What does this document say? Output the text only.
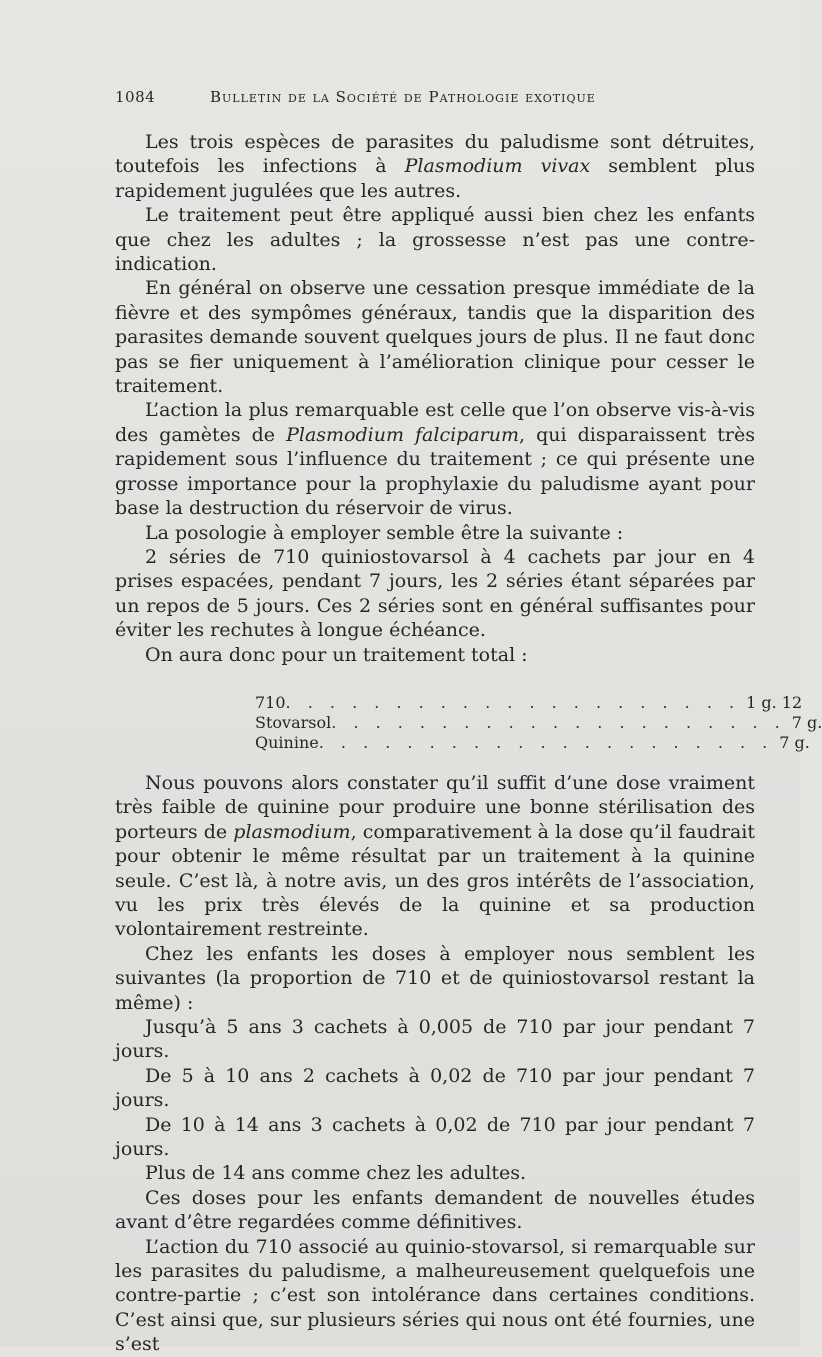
1084	Bulletin de la Société de Pathologie exotique

Les trois espèces de parasites du paludisme sont détruites, toutefois les infections à Plasmodium vivax semblent plus rapidement jugulées que les autres.

Le traitement peut être appliqué aussi bien chez les enfants que chez les adultes ; la grossesse n’est pas une contre-indication.

En général on observe une cessation presque immédiate de la fièvre et des sympômes généraux, tandis que la disparition des parasites demande souvent quelques jours de plus. Il ne faut donc pas se fier uniquement à l’amélioration clinique pour cesser le traitement.

L’action la plus remarquable est celle que l’on observe vis-à-vis des gamètes de Plasmodium falciparum, qui disparaissent très rapidement sous l’influence du traitement ; ce qui présente une grosse importance pour la prophylaxie du paludisme ayant pour base la destruction du réservoir de virus.

La posologie à employer semble être la suivante :

2 séries de 710 quiniostovarsol à 4 cachets par jour en 4 prises espacées, pendant 7 jours, les 2 séries étant séparées par un repos de 5 jours. Ces 2 séries sont en général suffisantes pour éviter les rechutes à longue échéance.

On aura donc pour un traitement total :

710 . . . . . . . . . . . . . . . . . . . . . 1 g. 12
Stovarsol . . . . . . . . . . . . . . . . . . . . . 7 g.
Quinine . . . . . . . . . . . . . . . . . . . . . 7 g.

Nous pouvons alors constater qu’il suffit d’une dose vraiment très faible de quinine pour produire une bonne stérilisation des porteurs de plasmodium, comparativement à la dose qu’il faudrait pour obtenir le même résultat par un traitement à la quinine seule. C’est là, à notre avis, un des gros intérêts de l’association, vu les prix très élevés de la quinine et sa production volontairement restreinte.

Chez les enfants les doses à employer nous semblent les suivantes (la proportion de 710 et de quiniostovarsol restant la même) :

Jusqu’à 5 ans 3 cachets à 0,005 de 710 par jour pendant 7 jours.

De 5 à 10 ans 2 cachets à 0,02 de 710 par jour pendant 7 jours.

De 10 à 14 ans 3 cachets à 0,02 de 710 par jour pendant 7 jours.

Plus de 14 ans comme chez les adultes.

Ces doses pour les enfants demandent de nouvelles études avant d’être regardées comme définitives.

L’action du 710 associé au quinio-stovarsol, si remarquable sur les parasites du paludisme, a malheureusement quelquefois une contre-partie ; c’est son intolérance dans certaines conditions. C’est ainsi que, sur plusieurs séries qui nous ont été fournies, une s’est
